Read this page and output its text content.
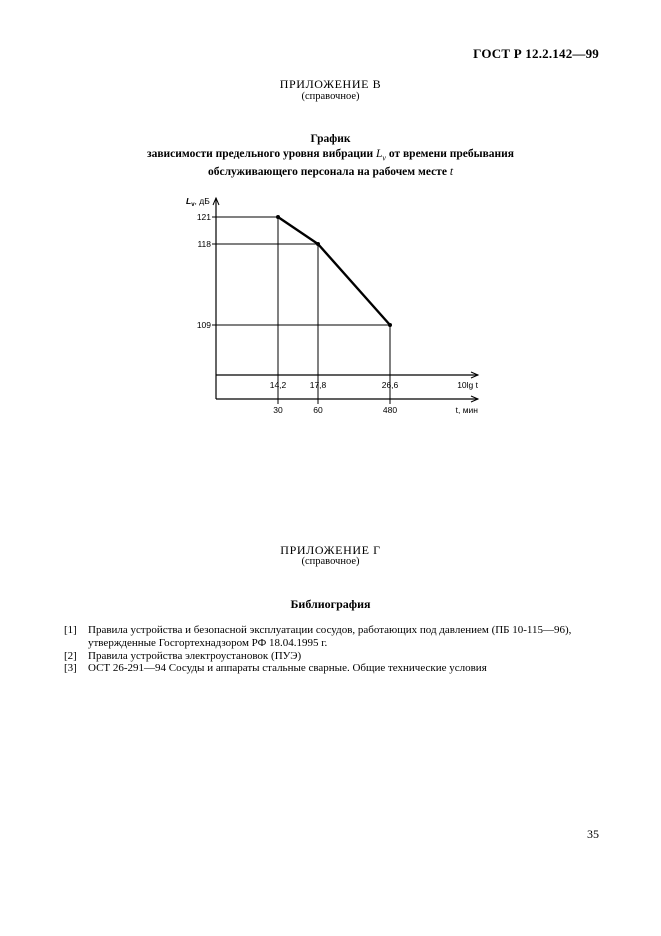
ГОСТ Р 12.2.142—99
ПРИЛОЖЕНИЕ В
(справочное)
График
зависимости предельного уровня вибрации $L_v$ от времени пребывания
обслуживающего персонала на рабочем месте t
$L_v$, дБ
121
118
109
14,2	17,8	26,6	10lg t
30	60	480	t, мин
ПРИЛОЖЕНИЕ Г
(справочное)
Библиография
[1] Правила устройства и безопасной эксплуатации сосудов, работающих под давлением (ПБ 10-115—96),
утвержденные Госгортехнадзором РФ 18.04.1995 г.
[2] Правила устройства электроустановок (ПУЭ)
[3] ОСТ 26-291—94 Сосуды и аппараты стальные сварные. Общие технические условия
35
